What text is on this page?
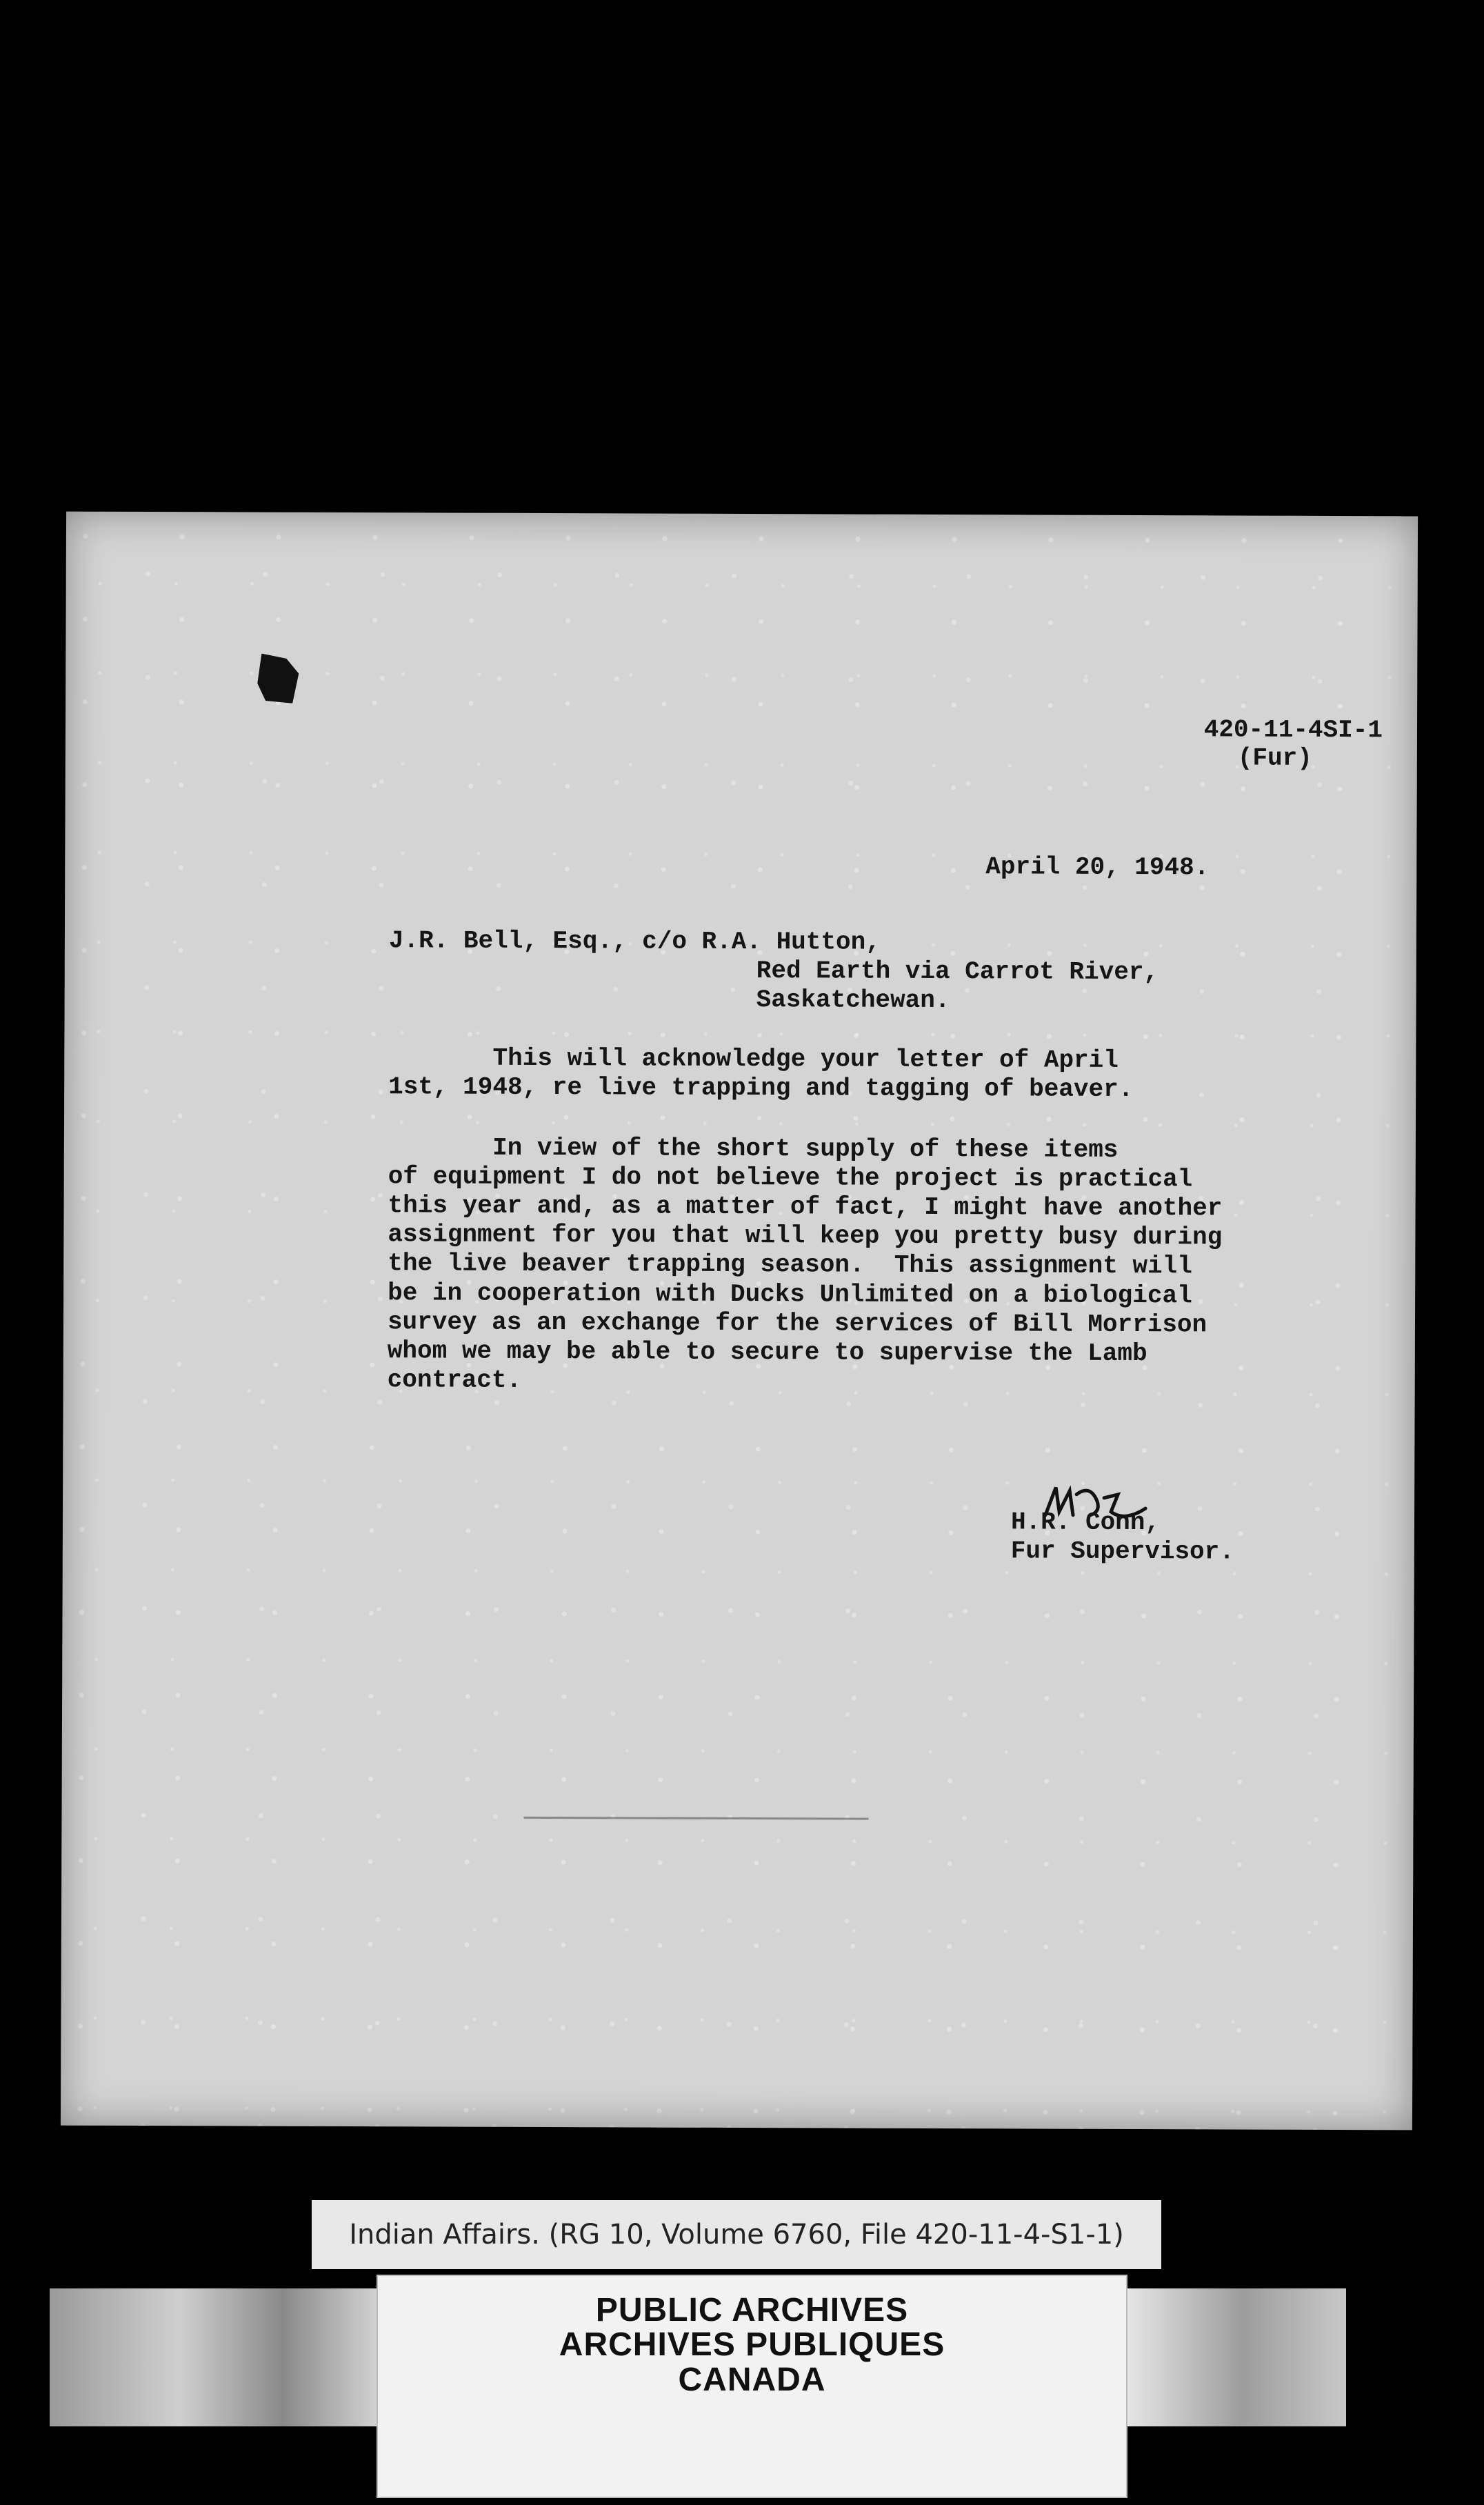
420-11-4SI-1
(Fur)
April 20, 1948.
J.R. Bell, Esq., c/o R.A. Hutton,
Red Earth via Carrot River,
Saskatchewan.
This will acknowledge your letter of April
1st, 1948, re live trapping and tagging of beaver.
In view of the short supply of these items
of equipment I do not believe the project is practical
this year and, as a matter of fact, I might have another
assignment for you that will keep you pretty busy during
the live beaver trapping season.  This assignment will
be in cooperation with Ducks Unlimited on a biological
survey as an exchange for the services of Bill Morrison
whom we may be able to secure to supervise the Lamb
contract.
H.R. Conn,
Fur Supervisor.
Indian Affairs. (RG 10, Volume 6760, File 420-11-4-S1-1)
PUBLIC ARCHIVES
ARCHIVES PUBLIQUES
CANADA
